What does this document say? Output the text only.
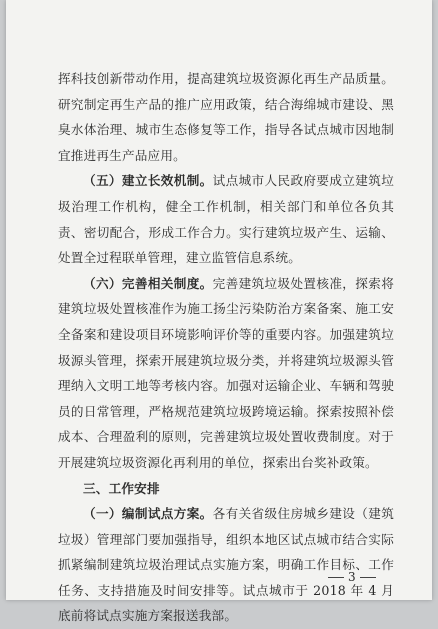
挥科技创新带动作用，提高建筑垃圾资源化再生产品质量。研究制定再生产品的推广应用政策，结合海绵城市建设、黑臭水体治理、城市生态修复等工作，指导各试点城市因地制宜推进再生产品应用。

（五）建立长效机制。试点城市人民政府要成立建筑垃圾治理工作机构，健全工作机制，相关部门和单位各负其责、密切配合，形成工作合力。实行建筑垃圾产生、运输、处置全过程联单管理，建立监管信息系统。

（六）完善相关制度。完善建筑垃圾处置核准，探索将建筑垃圾处置核准作为施工扬尘污染防治方案备案、施工安全备案和建设项目环境影响评价等的重要内容。加强建筑垃圾源头管理，探索开展建筑垃圾分类，并将建筑垃圾源头管理纳入文明工地等考核内容。加强对运输企业、车辆和驾驶员的日常管理，严格规范建筑垃圾跨境运输。探索按照补偿成本、合理盈利的原则，完善建筑垃圾处置收费制度。对于开展建筑垃圾资源化再利用的单位，探索出台奖补政策。

三、工作安排

（一）编制试点方案。各有关省级住房城乡建设（建筑垃圾）管理部门要加强指导，组织本地区试点城市结合实际抓紧编制建筑垃圾治理试点实施方案，明确工作目标、工作任务、支持措施及时间安排等。试点城市于 2018 年 4 月底前将试点实施方案报送我部。

3
